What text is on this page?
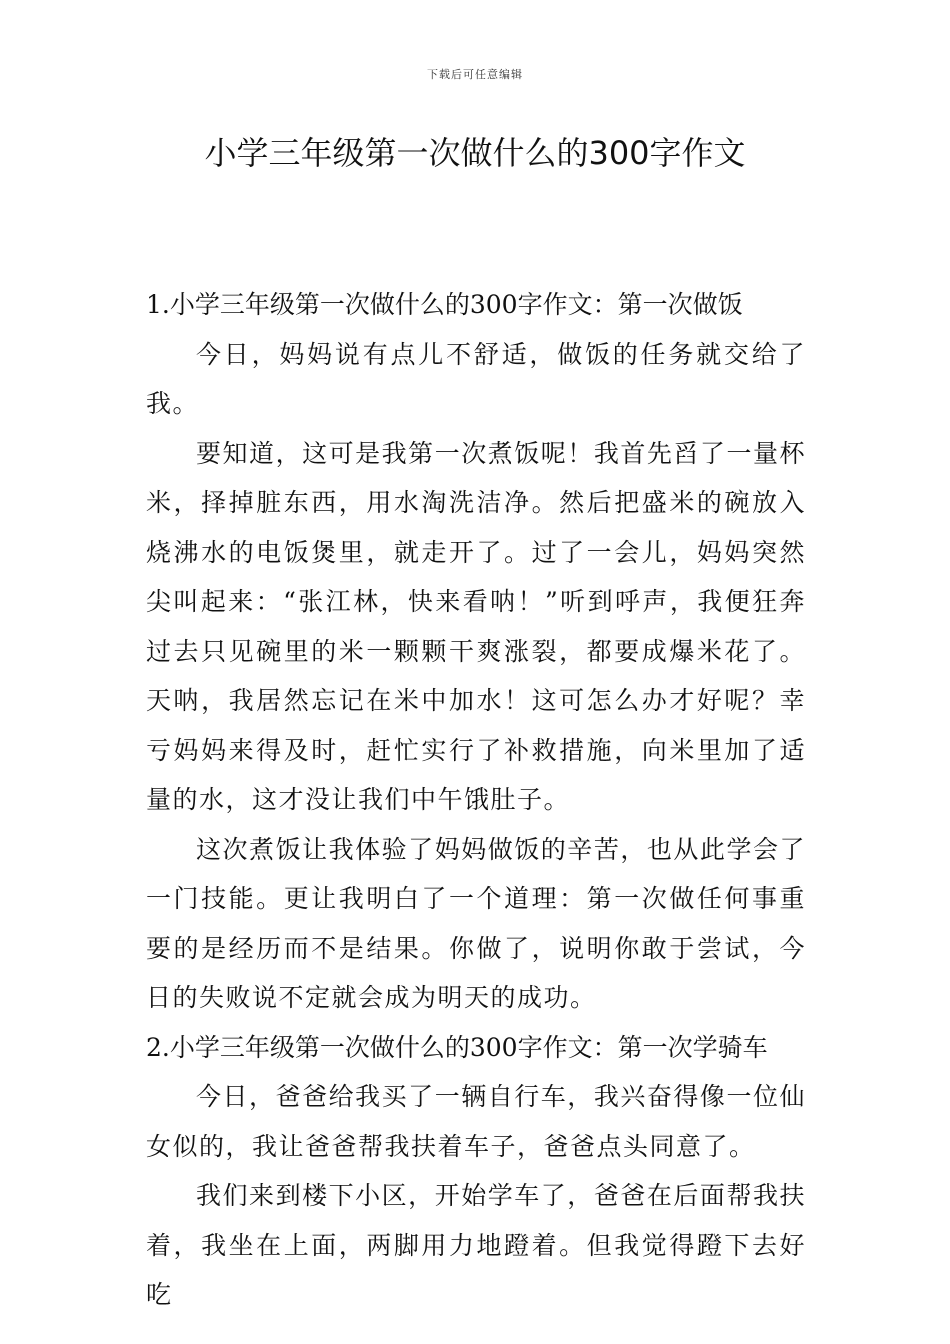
下载后可任意编辑
小学三年级第一次做什么的300字作文

1.小学三年级第一次做什么的300字作文：第一次做饭

今日，妈妈说有点儿不舒适，做饭的任务就交给了我。

要知道，这可是我第一次煮饭呢！我首先舀了一量杯米，择掉脏东西，用水淘洗洁净。然后把盛米的碗放入烧沸水的电饭煲里，就走开了。过了一会儿，妈妈突然尖叫起来：“张江林，快来看呐！”听到呼声，我便狂奔过去只见碗里的米一颗颗干爽涨裂，都要成爆米花了。天呐，我居然忘记在米中加水！这可怎么办才好呢？幸亏妈妈来得及时，赶忙实行了补救措施，向米里加了适量的水，这才没让我们中午饿肚子。

这次煮饭让我体验了妈妈做饭的辛苦，也从此学会了一门技能。更让我明白了一个道理：第一次做任何事重要的是经历而不是结果。你做了，说明你敢于尝试，今日的失败说不定就会成为明天的成功。

2.小学三年级第一次做什么的300字作文：第一次学骑车

今日，爸爸给我买了一辆自行车，我兴奋得像一位仙女似的，我让爸爸帮我扶着车子，爸爸点头同意了。

我们来到楼下小区，开始学车了，爸爸在后面帮我扶着，我坐在上面，两脚用力地蹬着。但我觉得蹬下去好吃
